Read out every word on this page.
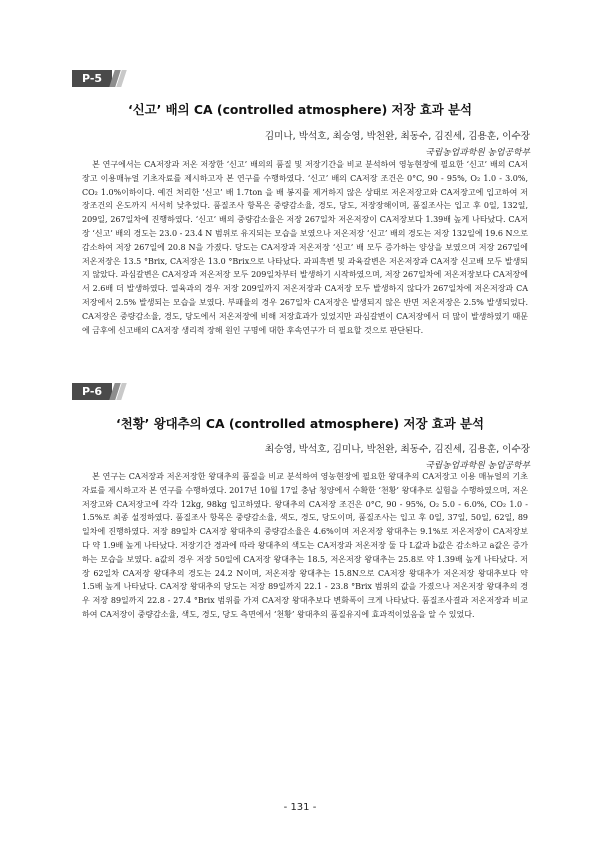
P-5
‘신고’ 배의 CA (controlled atmosphere) 저장 효과 분석
김미나, 박석호, 최승영, 박천완, 최동수, 김진세, 김용훈, 이수장
국립농업과학원 농업공학부

본 연구에서는 CA저장과 저온 저장한 ‘신고’ 배의의 품질 및 저장기간을 비교 분석하여 영농현장에 필요한 ‘신고’ 배의 CA저장고 이용매뉴얼 기초자료를 제시하고자 본 연구를 수행하였다. ‘신고’ 배의 CA저장 조건은 0°C, 90 - 95%, O₂ 1.0 - 3.0%, CO₂ 1.0%이하이다. 예건 처리한 ‘신고’ 배 1.7ton 을 배 봉지를 제거하지 않은 상태로 저온저장고와 CA저장고에 입고하여 저장조건의 온도까지 서서히 낮추었다. 품질조사 항목은 중량감소율, 경도, 당도, 저장장해이며, 품질조사는 입고 후 0일, 132일, 209일, 267일차에 진행하였다. ‘신고’ 배의 중량감소율은 저장 267일차 저온저장이 CA저장보다 1.39배 높게 나타났다. CA저장 ‘신고’ 배의 경도는 23.0 - 23.4 N 범위로 유지되는 모습을 보였으나 저온저장 ‘신고’ 배의 경도는 저장 132일에 19.6 N으로 감소하여 저장 267일에 20.8 N을 가졌다. 당도는 CA저장과 저온저장 ‘신고’ 배 모두 증가하는 양상을 보였으며 저장 267일에 저온저장은 13.5 °Brix, CA저장은 13.0 °Brix으로 나타났다. 과피흑변 및 과육갈변은 저온저장과 CA저장 신고배 모두 발생되지 않았다. 과심갈변은 CA저장과 저온저장 모두 209일차부터 발생하기 시작하였으며, 저장 267일차에 저온저장보다 CA저장에서 2.6배 더 발생하였다. 열육과의 경우 저장 209일까지 저온저장과 CA저장 모두 발생하지 않다가 267일차에 저온저장과 CA저장에서 2.5% 발생되는 모습을 보였다. 부패율의 경우 267일차 CA저장은 발생되지 않은 반면 저온저장은 2.5% 발생되었다. CA저장은 중량감소율, 경도, 당도에서 저온저장에 비해 저장효과가 있었지만 과심갈변이 CA저장에서 더 많이 발생하였기 때문에 금후에 신고배의 CA저장 생리적 장해 원인 구명에 대한 후속연구가 더 필요할 것으로 판단된다.

P-6
‘천황’ 왕대추의 CA (controlled atmosphere) 저장 효과 분석
최승영, 박석호, 김미나, 박천완, 최동수, 김진세, 김용훈, 이수장
국립농업과학원 농업공학부

본 연구는 CA저장과 저온저장한 왕대추의 품질을 비교 분석하여 영농현장에 필요한 왕대추의 CA저장고 이용 매뉴얼의 기초자료를 제시하고자 본 연구를 수행하였다. 2017년 10월 17일 충남 청양에서 수확한 ‘천황’ 왕대추로 실험을 수행하였으며, 저온저장고와 CA저장고에 각각 12kg, 98kg 입고하였다. 왕대추의 CA저장 조건은 0°C, 90 - 95%, O₂ 5.0 - 6.0%, CO₂ 1.0 - 1.5%로 최종 설정하였다. 품질조사 항목은 중량감소율, 색도, 경도, 당도이며, 품질조사는 입고 후 0일, 37일, 50일, 62일, 89일차에 진행하였다. 저장 89일차 CA저장 왕대추의 중량감소율은 4.6%이며 저온저장 왕대추는 9.1%로 저온저장이 CA저장보다 약 1.9배 높게 나타났다. 저장기간 경과에 따라 왕대추의 색도는 CA저장과 저온저장 둘 다 L값과 b값은 감소하고 a값은 증가하는 모습을 보였다. a값의 경우 저장 50일에 CA저장 왕대추는 18.5, 저온저장 왕대추는 25.8로 약 1.39배 높게 나타났다. 저장 62일차 CA저장 왕대추의 경도는 24.2 N이며, 저온저장 왕대추는 15.8N으로 CA저장 왕대추가 저온저장 왕대추보다 약 1.5배 높게 나타났다. CA저장 왕대추의 당도는 저장 89일까지 22.1 - 23.8 °Brix 범위의 값을 가졌으나 저온저장 왕대추의 경우 저장 89일까지 22.8 - 27.4 °Brix 범위를 가져 CA저장 왕대추보다 변화폭이 크게 나타났다. 품질조사결과 저온저장과 비교하여 CA저장이 중량감소율, 색도, 경도, 당도 측면에서 ‘천황’ 왕대추의 품질유지에 효과적이었음을 알 수 있었다.

- 131 -
